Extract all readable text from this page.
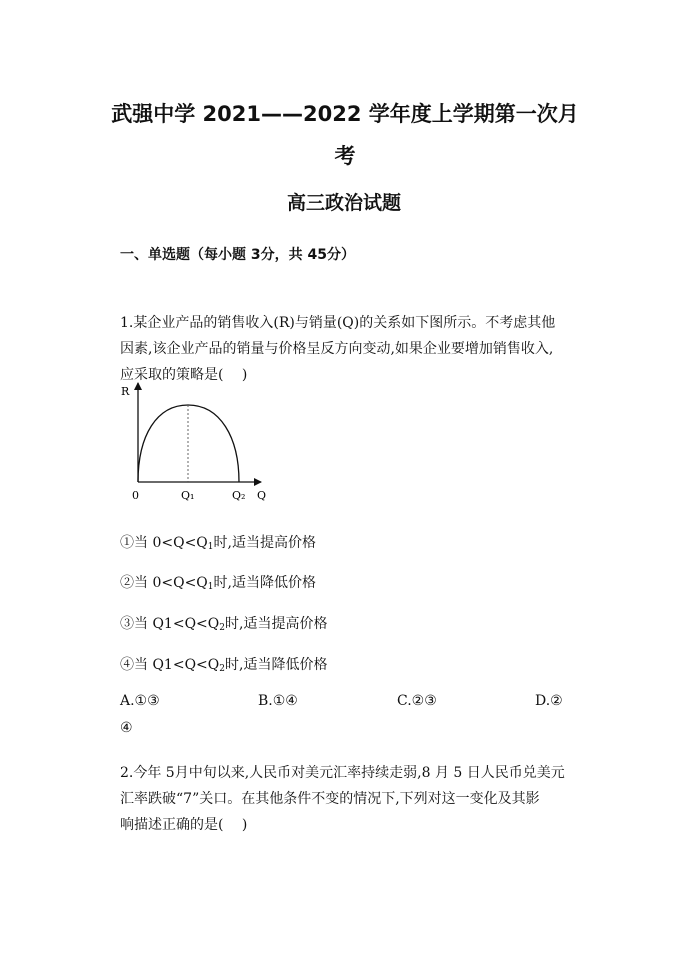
武强中学 2021——2022 学年度上学期第一次月
考
高三政治试题
一、单选题（每小题 3分，共 45分）
1.某企业产品的销售收入(R)与销量(Q)的关系如下图所示。不考虑其他
因素,该企业产品的销量与价格呈反方向变动,如果企业要增加销售收入,
应采取的策略是(　 )
R
0	Q₁	Q₂ Q
①当 $0<Q<Q_1$时,适当提高价格
②当 $0<Q<Q_1$时,适当降低价格
③当 $Q1<Q<Q_2$时,适当提高价格
④当 $Q1<Q<Q_2$时,适当降低价格
A.①③	B.①④	C.②③	D.②
④
2.今年 5月中旬以来,人民币对美元汇率持续走弱,8 月 5 日人民币兑美元
汇率跌破“7”关口。在其他条件不变的情况下,下列对这一变化及其影
响描述正确的是(　 )
